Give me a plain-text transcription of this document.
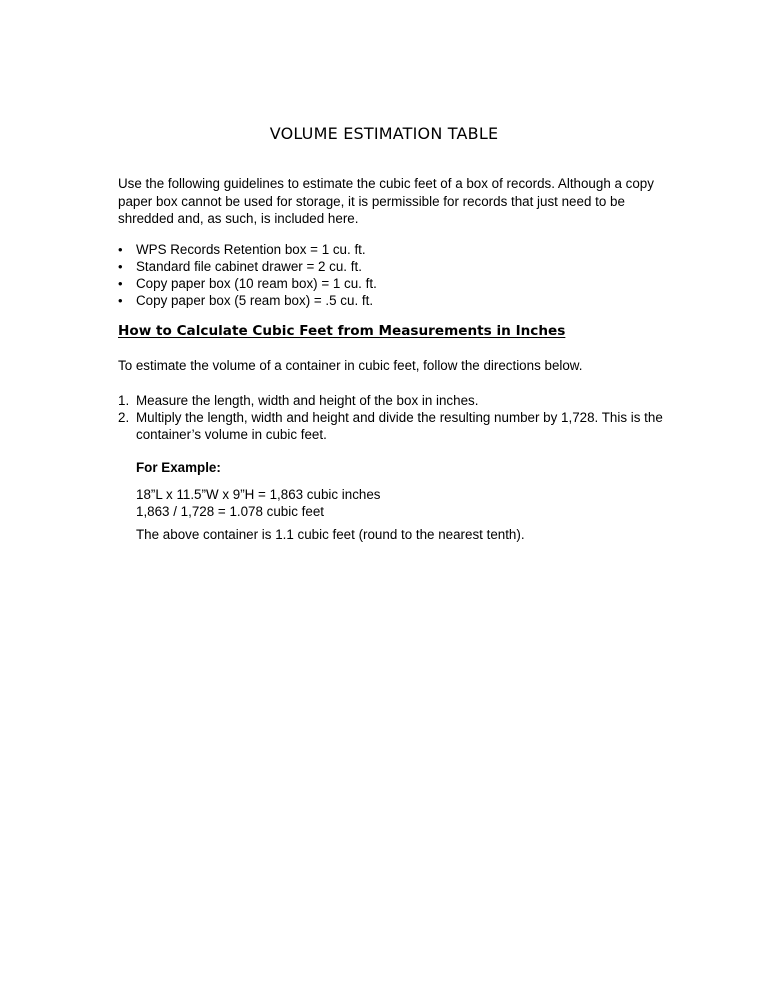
VOLUME ESTIMATION TABLE

Use the following guidelines to estimate the cubic feet of a box of records. Although a copy paper box cannot be used for storage, it is permissible for records that just need to be shredded and, as such, is included here.

• WPS Records Retention box = 1 cu. ft.
• Standard file cabinet drawer = 2 cu. ft.
• Copy paper box (10 ream box) = 1 cu. ft.
• Copy paper box (5 ream box) = .5 cu. ft.
How to Calculate Cubic Feet from Measurements in Inches

To estimate the volume of a container in cubic feet, follow the directions below.

1. Measure the length, width and height of the box in inches.
2. Multiply the length, width and height and divide the resulting number by 1,728. This is the container’s volume in cubic feet.

For Example:

18”L x 11.5”W x 9”H = 1,863 cubic inches
1,863 / 1,728 = 1.078 cubic feet

The above container is 1.1 cubic feet (round to the nearest tenth).
